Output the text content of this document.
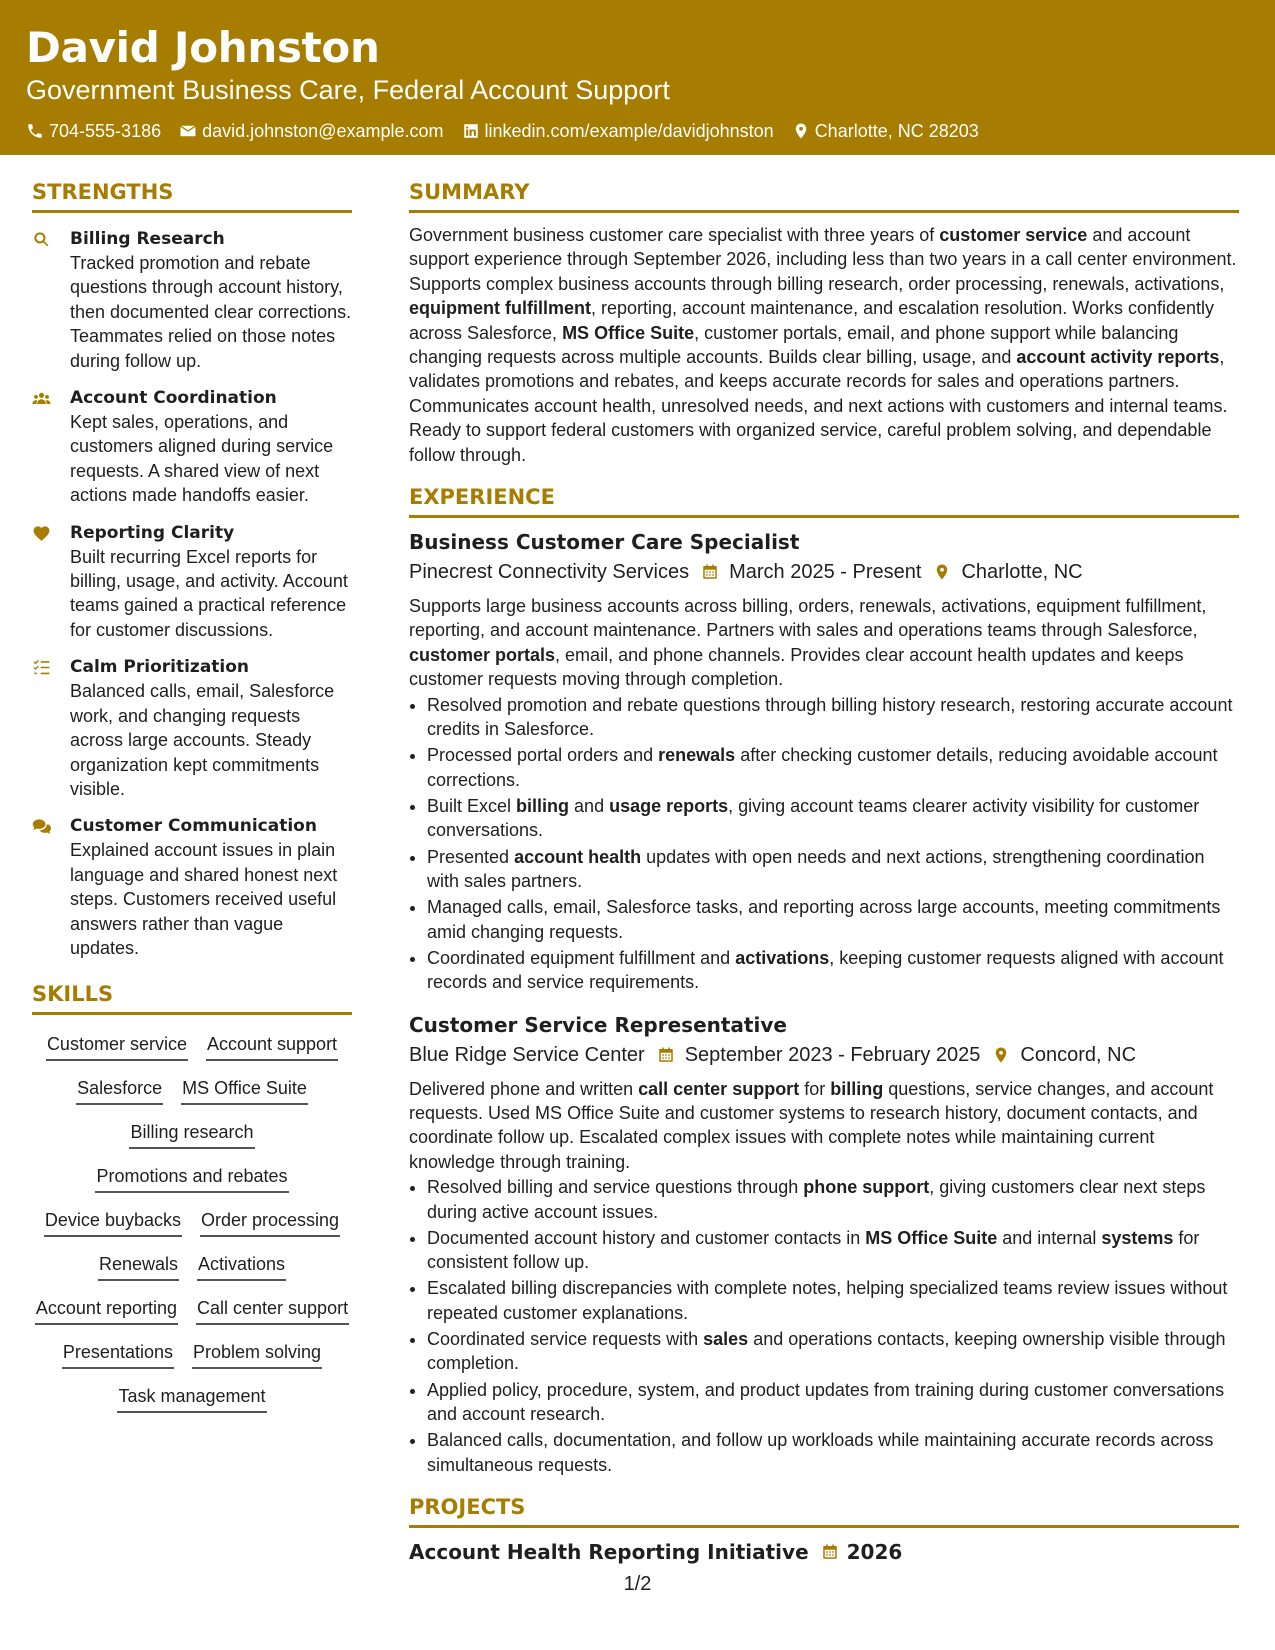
David Johnston
Government Business Care, Federal Account Support
704-555-3186 david.johnston@example.com linkedin.com/example/davidjohnston Charlotte, NC 28203
STRENGTHS
Billing Research
Tracked promotion and rebate questions through account history, then documented clear corrections. Teammates relied on those notes during follow up.
Account Coordination
Kept sales, operations, and customers aligned during service requests. A shared view of next actions made handoffs easier.
Reporting Clarity
Built recurring Excel reports for billing, usage, and activity. Account teams gained a practical reference for customer discussions.
Calm Prioritization
Balanced calls, email, Salesforce work, and changing requests across large accounts. Steady organization kept commitments visible.
Customer Communication
Explained account issues in plain language and shared honest next steps. Customers received useful answers rather than vague updates.
SKILLS
Customer service Account support
Salesforce MS Office Suite
Billing research
Promotions and rebates
Device buybacks Order processing
Renewals Activations
Account reporting Call center support
Presentations Problem solving
Task management
SUMMARY
Government business customer care specialist with three years of customer service and account support experience through September 2026, including less than two years in a call center environment. Supports complex business accounts through billing research, order processing, renewals, activations, equipment fulfillment, reporting, account maintenance, and escalation resolution. Works confidently across Salesforce, MS Office Suite, customer portals, email, and phone support while balancing changing requests across multiple accounts. Builds clear billing, usage, and account activity reports, validates promotions and rebates, and keeps accurate records for sales and operations partners. Communicates account health, unresolved needs, and next actions with customers and internal teams. Ready to support federal customers with organized service, careful problem solving, and dependable follow through.
EXPERIENCE
Business Customer Care Specialist
Pinecrest Connectivity Services March 2025 - Present Charlotte, NC
Supports large business accounts across billing, orders, renewals, activations, equipment fulfillment, reporting, and account maintenance. Partners with sales and operations teams through Salesforce, customer portals, email, and phone channels. Provides clear account health updates and keeps customer requests moving through completion.
• Resolved promotion and rebate questions through billing history research, restoring accurate account credits in Salesforce.
• Processed portal orders and renewals after checking customer details, reducing avoidable account corrections.
• Built Excel billing and usage reports, giving account teams clearer activity visibility for customer conversations.
• Presented account health updates with open needs and next actions, strengthening coordination with sales partners.
• Managed calls, email, Salesforce tasks, and reporting across large accounts, meeting commitments amid changing requests.
• Coordinated equipment fulfillment and activations, keeping customer requests aligned with account records and service requirements.
Customer Service Representative
Blue Ridge Service Center September 2023 - February 2025 Concord, NC
Delivered phone and written call center support for billing questions, service changes, and account requests. Used MS Office Suite and customer systems to research history, document contacts, and coordinate follow up. Escalated complex issues with complete notes while maintaining current knowledge through training.
• Resolved billing and service questions through phone support, giving customers clear next steps during active account issues.
• Documented account history and customer contacts in MS Office Suite and internal systems for consistent follow up.
• Escalated billing discrepancies with complete notes, helping specialized teams review issues without repeated customer explanations.
• Coordinated service requests with sales and operations contacts, keeping ownership visible through completion.
• Applied policy, procedure, system, and product updates from training during customer conversations and account research.
• Balanced calls, documentation, and follow up workloads while maintaining accurate records across simultaneous requests.
PROJECTS
Account Health Reporting Initiative 2026
1/2
